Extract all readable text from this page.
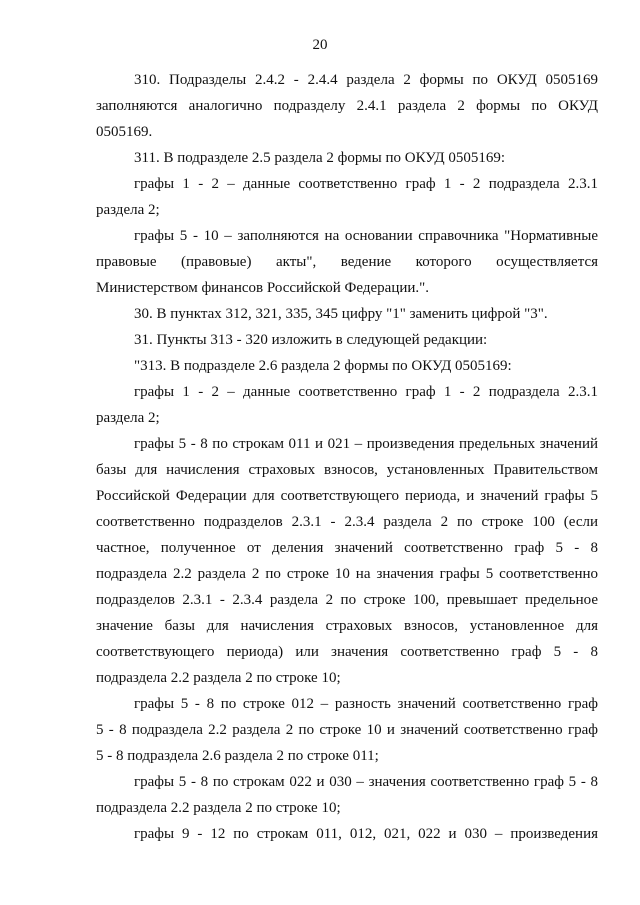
20
310. Подразделы 2.4.2 - 2.4.4 раздела 2 формы по ОКУД 0505169
заполняются аналогично подразделу 2.4.1 раздела 2 формы по ОКУД
0505169.
311. В подразделе 2.5 раздела 2 формы по ОКУД 0505169:
графы 1 - 2 – данные соответственно граф 1 - 2 подраздела 2.3.1
раздела 2;
графы 5 - 10 – заполняются на основании справочника "Нормативные
правовые (правовые) акты", ведение которого осуществляется
Министерством финансов Российской Федерации.".
30. В пунктах 312, 321, 335, 345 цифру "1" заменить цифрой "3".
31. Пункты 313 - 320 изложить в следующей редакции:
"313. В подразделе 2.6 раздела 2 формы по ОКУД 0505169:
графы 1 - 2 – данные соответственно граф 1 - 2 подраздела 2.3.1
раздела 2;
графы 5 - 8 по строкам 011 и 021 – произведения предельных значений
базы для начисления страховых взносов, установленных Правительством
Российской Федерации для соответствующего периода, и значений графы 5
соответственно подразделов 2.3.1 - 2.3.4 раздела 2 по строке 100 (если
частное, полученное от деления значений соответственно граф 5 - 8
подраздела 2.2 раздела 2 по строке 10 на значения графы 5 соответственно
подразделов 2.3.1 - 2.3.4 раздела 2 по строке 100, превышает предельное
значение базы для начисления страховых взносов, установленное для
соответствующего периода) или значения соответственно граф 5 - 8
подраздела 2.2 раздела 2 по строке 10;
графы 5 - 8 по строке 012 – разность значений соответственно граф
5 - 8 подраздела 2.2 раздела 2 по строке 10 и значений соответственно граф
5 - 8 подраздела 2.6 раздела 2 по строке 011;
графы 5 - 8 по строкам 022 и 030 – значения соответственно граф 5 - 8
подраздела 2.2 раздела 2 по строке 10;
графы 9 - 12 по строкам 011, 012, 021, 022 и 030 – произведения
